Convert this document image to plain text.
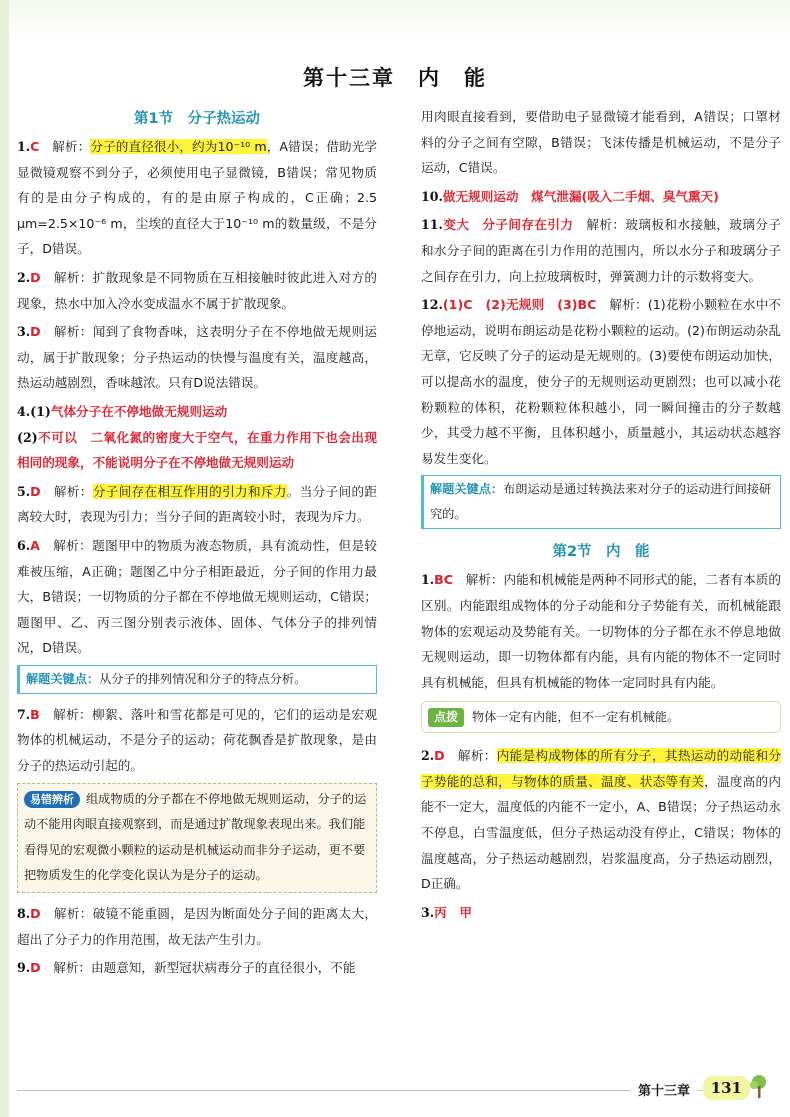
第十三章　内　能
第1节　分子热运动

1.C　解析：分子的直径很小，约为10⁻¹⁰ m，A错误；借助光学显微镜观察不到分子，必须使用电子显微镜，B错误；常见物质有的是由分子构成的，有的是由原子构成的，C正确；2.5 μm=2.5×10⁻⁶ m，尘埃的直径大于10⁻¹⁰ m的数量级，不是分子，D错误。

2.D　解析：扩散现象是不同物质在互相接触时彼此进入对方的现象，热水中加入冷水变成温水不属于扩散现象。

3.D　解析：闻到了食物香味，这表明分子在不停地做无规则运动，属于扩散现象；分子热运动的快慢与温度有关，温度越高，热运动越剧烈，香味越浓。只有D说法错误。

4.(1)气体分子在不停地做无规则运动
(2)不可以　二氧化氮的密度大于空气，在重力作用下也会出现相同的现象，不能说明分子在不停地做无规则运动

5.D　解析：分子间存在相互作用的引力和斥力。当分子间的距离较大时，表现为引力；当分子间的距离较小时，表现为斥力。

6.A　解析：题图甲中的物质为液态物质，具有流动性，但是较难被压缩，A正确；题图乙中分子相距最近，分子间的作用力最大，B错误；一切物质的分子都在不停地做无规则运动，C错误；题图甲、乙、丙三图分别表示液体、固体、气体分子的排列情况，D错误。

解题关键点：从分子的排列情况和分子的特点分析。

7.B　解析：柳絮、落叶和雪花都是可见的，它们的运动是宏观物体的机械运动，不是分子的运动；荷花飘香是扩散现象，是由分子的热运动引起的。

易错辨析 组成物质的分子都在不停地做无规则运动，分子的运动不能用肉眼直接观察到，而是通过扩散现象表现出来。我们能看得见的宏观微小颗粒的运动是机械运动而非分子运动，更不要把物质发生的化学变化误认为是分子的运动。

8.D　解析：破镜不能重圆，是因为断面处分子间的距离太大，超出了分子力的作用范围，故无法产生引力。

9.D　解析：由题意知，新型冠状病毒分子的直径很小，不能

用肉眼直接看到，要借助电子显微镜才能看到，A错误；口罩材料的分子之间有空隙，B错误；飞沫传播是机械运动，不是分子运动，C错误。

10.做无规则运动　煤气泄漏(吸入二手烟、臭气熏天)

11.变大　分子间存在引力　解析：玻璃板和水接触，玻璃分子和水分子间的距离在引力作用的范围内，所以水分子和玻璃分子之间存在引力，向上拉玻璃板时，弹簧测力计的示数将变大。

12.(1)C　 (2)无规则　 (3)BC　解析：(1)花粉小颗粒在水中不停地运动，说明布朗运动是花粉小颗粒的运动。(2)布朗运动杂乱无章，它反映了分子的运动是无规则的。(3)要使布朗运动加快，可以提高水的温度，使分子的无规则运动更剧烈；也可以减小花粉颗粒的体积，花粉颗粒体积越小，同一瞬间撞击的分子数越少，其受力越不平衡，且体积越小，质量越小，其运动状态越容易发生变化。

解题关键点：布朗运动是通过转换法来对分子的运动进行间接研究的。
第2节　内　能

1.BC　解析：内能和机械能是两种不同形式的能，二者有本质的区别。内能跟组成物体的分子动能和分子势能有关，而机械能跟物体的宏观运动及势能有关。一切物体的分子都在永不停息地做无规则运动，即一切物体都有内能，具有内能的物体不一定同时具有机械能，但具有机械能的物体一定同时具有内能。

点拨 物体一定有内能，但不一定有机械能。

2.D　解析：内能是构成物体的所有分子，其热运动的动能和分子势能的总和，与物体的质量、温度、状态等有关，温度高的内能不一定大，温度低的内能不一定小，A、B错误；分子热运动永不停息，白雪温度低，但分子热运动没有停止，C错误；物体的温度越高，分子热运动越剧烈，岩浆温度高，分子热运动剧烈，D正确。

3.丙　甲

第十三章	131
